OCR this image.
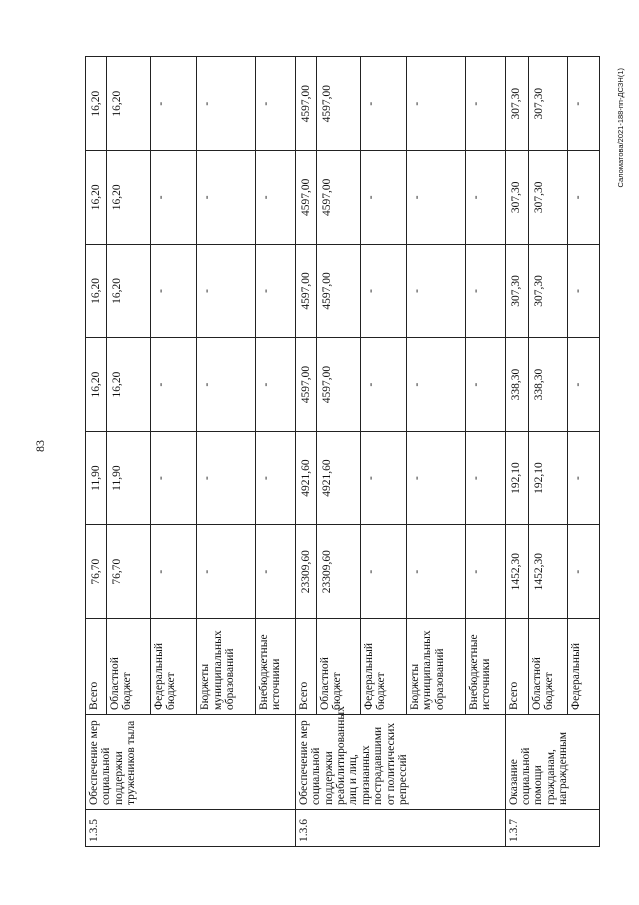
83
Саломатова/2021-188-пп-ДСЗН(1)
1.3.5	Обеспечение мер социальной поддержки тружеников тыла	Всего	76,70	11,90	16,20	16,20	16,20	16,20
		Областной бюджет	76,70	11,90	16,20	16,20	16,20	16,20
		Федеральный бюджет	-	-	-	-	-	-
		Бюджеты муниципальных образований	-	-	-	-	-	-
		Внебюджетные источники	-	-	-	-	-	-
1.3.6	Обеспечение мер социальной поддержки реабилитированных лиц и лиц, признанных пострадавшими от политических репрессий	Всего	23309,60	4921,60	4597,00	4597,00	4597,00	4597,00
		Областной бюджет	23309,60	4921,60	4597,00	4597,00	4597,00	4597,00
		Федеральный бюджет	-	-	-	-	-	-
		Бюджеты муниципальных образований	-	-	-	-	-	-
		Внебюджетные источники	-	-	-	-	-	-
1.3.7	Оказание социальной помощи гражданам, награжденным	Всего	1452,30	192,10	338,30	307,30	307,30	307,30
		Областной бюджет	1452,30	192,10	338,30	307,30	307,30	307,30
		Федеральный	-	-	-	-	-	-
